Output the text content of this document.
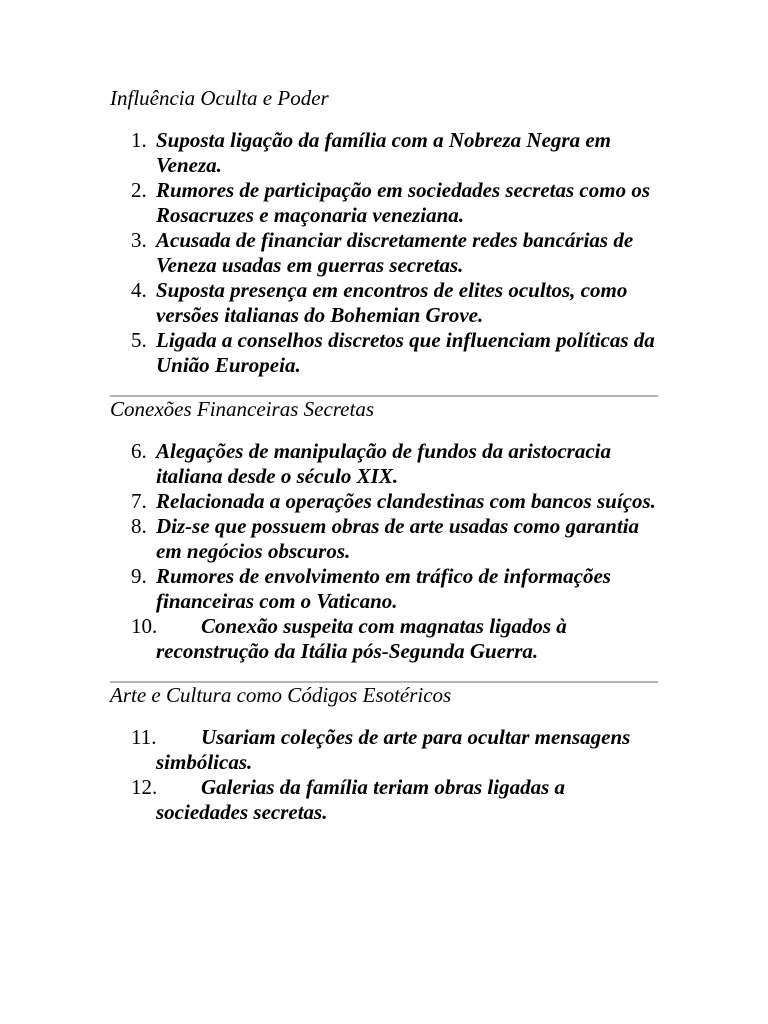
Influência Oculta e Poder
1. Suposta ligação da família com a Nobreza Negra em Veneza.
2. Rumores de participação em sociedades secretas como os Rosacruzes e maçonaria veneziana.
3. Acusada de financiar discretamente redes bancárias de Veneza usadas em guerras secretas.
4. Suposta presença em encontros de elites ocultos, como versões italianas do Bohemian Grove.
5. Ligada a conselhos discretos que influenciam políticas da União Europeia.
Conexões Financeiras Secretas
6. Alegações de manipulação de fundos da aristocracia italiana desde o século XIX.
7. Relacionada a operações clandestinas com bancos suíços.
8. Diz-se que possuem obras de arte usadas como garantia em negócios obscuros.
9. Rumores de envolvimento em tráfico de informações financeiras com o Vaticano.
10.	Conexão suspeita com magnatas ligados à reconstrução da Itália pós-Segunda Guerra.
Arte e Cultura como Códigos Esotéricos
11.	Usariam coleções de arte para ocultar mensagens simbólicas.
12.	Galerias da família teriam obras ligadas a sociedades secretas.
